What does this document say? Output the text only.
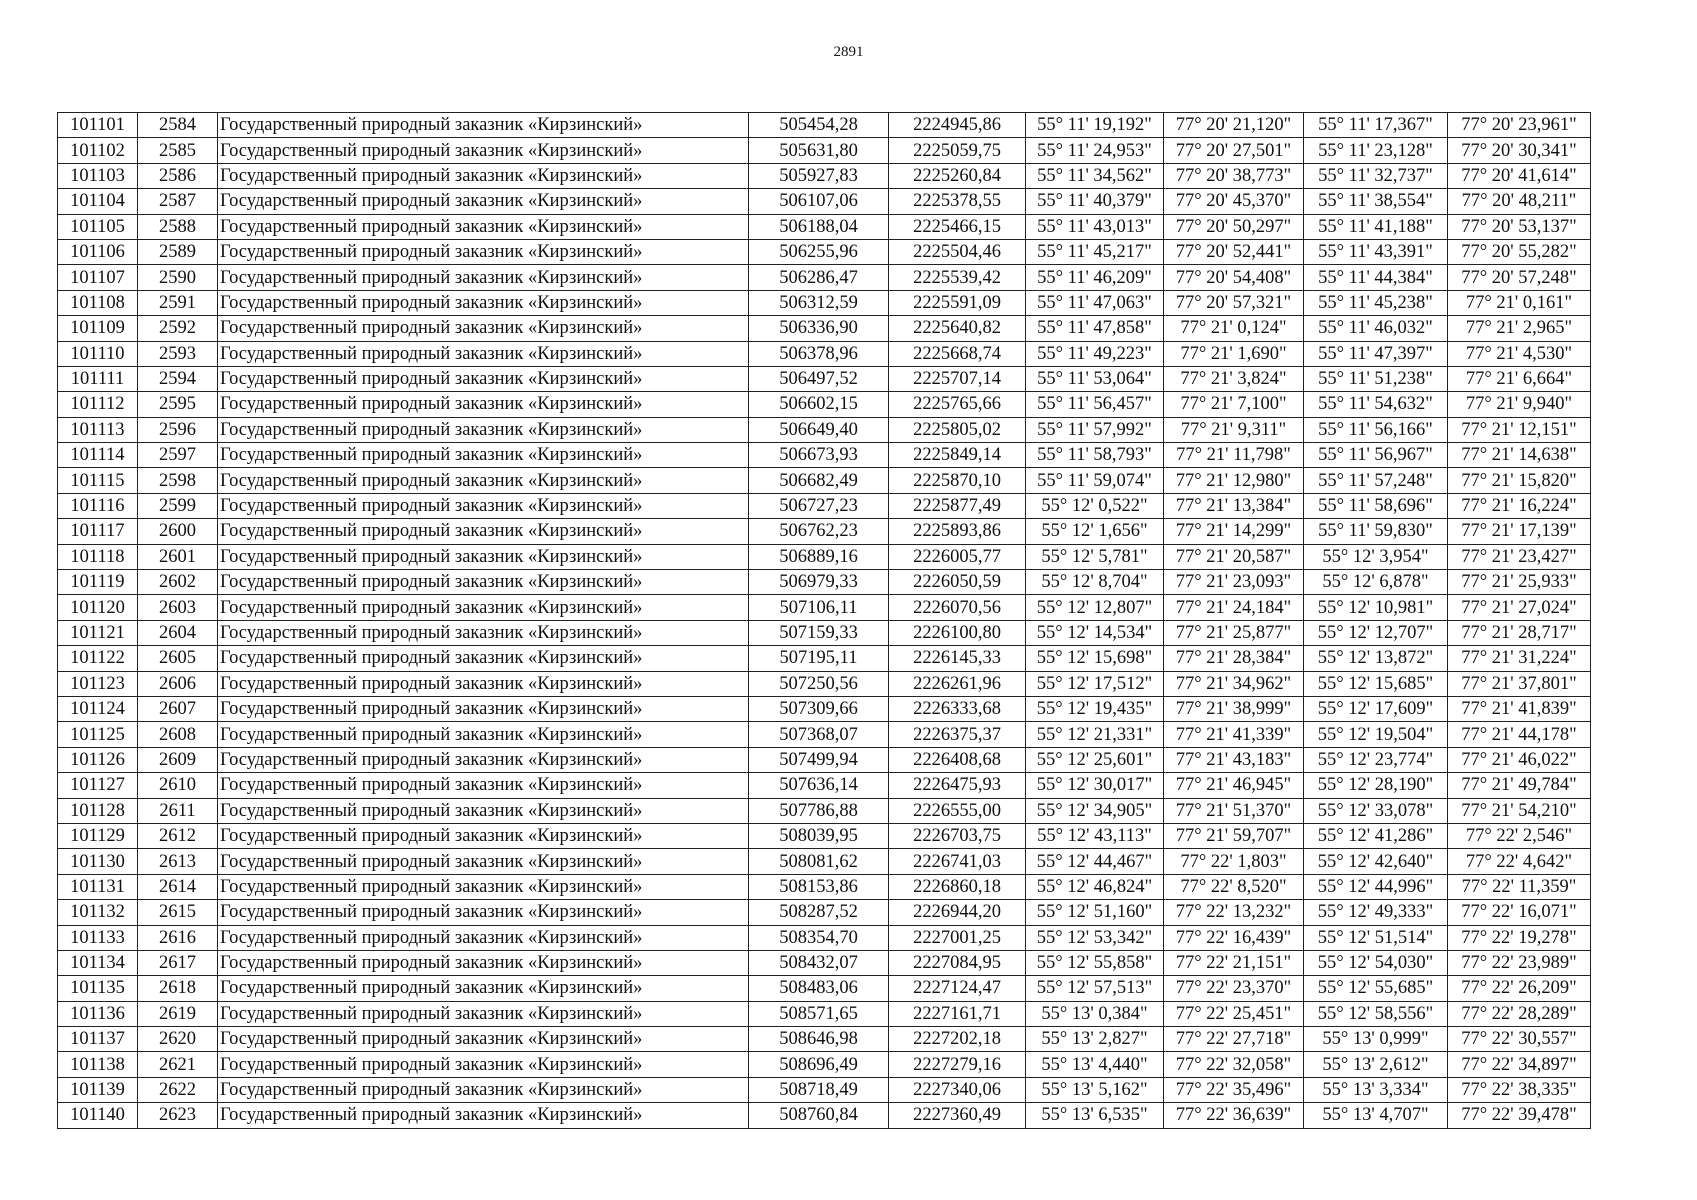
2891
101101	2584	Государственный природный заказник «Кирзинский»	505454,28	2224945,86	55° 11' 19,192"	77° 20' 21,120"	55° 11' 17,367"	77° 20' 23,961"
101102	2585	Государственный природный заказник «Кирзинский»	505631,80	2225059,75	55° 11' 24,953"	77° 20' 27,501"	55° 11' 23,128"	77° 20' 30,341"
101103	2586	Государственный природный заказник «Кирзинский»	505927,83	2225260,84	55° 11' 34,562"	77° 20' 38,773"	55° 11' 32,737"	77° 20' 41,614"
101104	2587	Государственный природный заказник «Кирзинский»	506107,06	2225378,55	55° 11' 40,379"	77° 20' 45,370"	55° 11' 38,554"	77° 20' 48,211"
101105	2588	Государственный природный заказник «Кирзинский»	506188,04	2225466,15	55° 11' 43,013"	77° 20' 50,297"	55° 11' 41,188"	77° 20' 53,137"
101106	2589	Государственный природный заказник «Кирзинский»	506255,96	2225504,46	55° 11' 45,217"	77° 20' 52,441"	55° 11' 43,391"	77° 20' 55,282"
101107	2590	Государственный природный заказник «Кирзинский»	506286,47	2225539,42	55° 11' 46,209"	77° 20' 54,408"	55° 11' 44,384"	77° 20' 57,248"
101108	2591	Государственный природный заказник «Кирзинский»	506312,59	2225591,09	55° 11' 47,063"	77° 20' 57,321"	55° 11' 45,238"	77° 21' 0,161"
101109	2592	Государственный природный заказник «Кирзинский»	506336,90	2225640,82	55° 11' 47,858"	77° 21' 0,124"	55° 11' 46,032"	77° 21' 2,965"
101110	2593	Государственный природный заказник «Кирзинский»	506378,96	2225668,74	55° 11' 49,223"	77° 21' 1,690"	55° 11' 47,397"	77° 21' 4,530"
101111	2594	Государственный природный заказник «Кирзинский»	506497,52	2225707,14	55° 11' 53,064"	77° 21' 3,824"	55° 11' 51,238"	77° 21' 6,664"
101112	2595	Государственный природный заказник «Кирзинский»	506602,15	2225765,66	55° 11' 56,457"	77° 21' 7,100"	55° 11' 54,632"	77° 21' 9,940"
101113	2596	Государственный природный заказник «Кирзинский»	506649,40	2225805,02	55° 11' 57,992"	77° 21' 9,311"	55° 11' 56,166"	77° 21' 12,151"
101114	2597	Государственный природный заказник «Кирзинский»	506673,93	2225849,14	55° 11' 58,793"	77° 21' 11,798"	55° 11' 56,967"	77° 21' 14,638"
101115	2598	Государственный природный заказник «Кирзинский»	506682,49	2225870,10	55° 11' 59,074"	77° 21' 12,980"	55° 11' 57,248"	77° 21' 15,820"
101116	2599	Государственный природный заказник «Кирзинский»	506727,23	2225877,49	55° 12' 0,522"	77° 21' 13,384"	55° 11' 58,696"	77° 21' 16,224"
101117	2600	Государственный природный заказник «Кирзинский»	506762,23	2225893,86	55° 12' 1,656"	77° 21' 14,299"	55° 11' 59,830"	77° 21' 17,139"
101118	2601	Государственный природный заказник «Кирзинский»	506889,16	2226005,77	55° 12' 5,781"	77° 21' 20,587"	55° 12' 3,954"	77° 21' 23,427"
101119	2602	Государственный природный заказник «Кирзинский»	506979,33	2226050,59	55° 12' 8,704"	77° 21' 23,093"	55° 12' 6,878"	77° 21' 25,933"
101120	2603	Государственный природный заказник «Кирзинский»	507106,11	2226070,56	55° 12' 12,807"	77° 21' 24,184"	55° 12' 10,981"	77° 21' 27,024"
101121	2604	Государственный природный заказник «Кирзинский»	507159,33	2226100,80	55° 12' 14,534"	77° 21' 25,877"	55° 12' 12,707"	77° 21' 28,717"
101122	2605	Государственный природный заказник «Кирзинский»	507195,11	2226145,33	55° 12' 15,698"	77° 21' 28,384"	55° 12' 13,872"	77° 21' 31,224"
101123	2606	Государственный природный заказник «Кирзинский»	507250,56	2226261,96	55° 12' 17,512"	77° 21' 34,962"	55° 12' 15,685"	77° 21' 37,801"
101124	2607	Государственный природный заказник «Кирзинский»	507309,66	2226333,68	55° 12' 19,435"	77° 21' 38,999"	55° 12' 17,609"	77° 21' 41,839"
101125	2608	Государственный природный заказник «Кирзинский»	507368,07	2226375,37	55° 12' 21,331"	77° 21' 41,339"	55° 12' 19,504"	77° 21' 44,178"
101126	2609	Государственный природный заказник «Кирзинский»	507499,94	2226408,68	55° 12' 25,601"	77° 21' 43,183"	55° 12' 23,774"	77° 21' 46,022"
101127	2610	Государственный природный заказник «Кирзинский»	507636,14	2226475,93	55° 12' 30,017"	77° 21' 46,945"	55° 12' 28,190"	77° 21' 49,784"
101128	2611	Государственный природный заказник «Кирзинский»	507786,88	2226555,00	55° 12' 34,905"	77° 21' 51,370"	55° 12' 33,078"	77° 21' 54,210"
101129	2612	Государственный природный заказник «Кирзинский»	508039,95	2226703,75	55° 12' 43,113"	77° 21' 59,707"	55° 12' 41,286"	77° 22' 2,546"
101130	2613	Государственный природный заказник «Кирзинский»	508081,62	2226741,03	55° 12' 44,467"	77° 22' 1,803"	55° 12' 42,640"	77° 22' 4,642"
101131	2614	Государственный природный заказник «Кирзинский»	508153,86	2226860,18	55° 12' 46,824"	77° 22' 8,520"	55° 12' 44,996"	77° 22' 11,359"
101132	2615	Государственный природный заказник «Кирзинский»	508287,52	2226944,20	55° 12' 51,160"	77° 22' 13,232"	55° 12' 49,333"	77° 22' 16,071"
101133	2616	Государственный природный заказник «Кирзинский»	508354,70	2227001,25	55° 12' 53,342"	77° 22' 16,439"	55° 12' 51,514"	77° 22' 19,278"
101134	2617	Государственный природный заказник «Кирзинский»	508432,07	2227084,95	55° 12' 55,858"	77° 22' 21,151"	55° 12' 54,030"	77° 22' 23,989"
101135	2618	Государственный природный заказник «Кирзинский»	508483,06	2227124,47	55° 12' 57,513"	77° 22' 23,370"	55° 12' 55,685"	77° 22' 26,209"
101136	2619	Государственный природный заказник «Кирзинский»	508571,65	2227161,71	55° 13' 0,384"	77° 22' 25,451"	55° 12' 58,556"	77° 22' 28,289"
101137	2620	Государственный природный заказник «Кирзинский»	508646,98	2227202,18	55° 13' 2,827"	77° 22' 27,718"	55° 13' 0,999"	77° 22' 30,557"
101138	2621	Государственный природный заказник «Кирзинский»	508696,49	2227279,16	55° 13' 4,440"	77° 22' 32,058"	55° 13' 2,612"	77° 22' 34,897"
101139	2622	Государственный природный заказник «Кирзинский»	508718,49	2227340,06	55° 13' 5,162"	77° 22' 35,496"	55° 13' 3,334"	77° 22' 38,335"
101140	2623	Государственный природный заказник «Кирзинский»	508760,84	2227360,49	55° 13' 6,535"	77° 22' 36,639"	55° 13' 4,707"	77° 22' 39,478"
